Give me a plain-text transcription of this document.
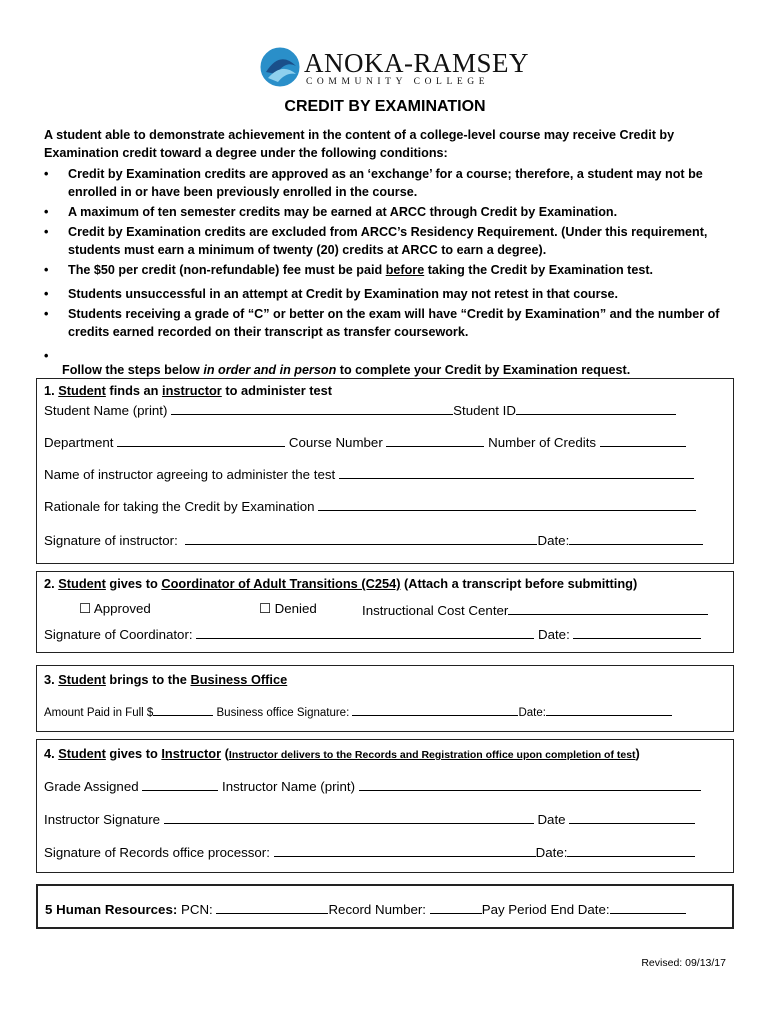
ANOKA-RAMSEY
COMMUNITY COLLEGE
CREDIT BY EXAMINATION
A student able to demonstrate achievement in the content of a college-level course may receive Credit by Examination credit toward a degree under the following conditions:
• Credit by Examination credits are approved as an ‘exchange’ for a course; therefore, a student may not be enrolled in or have been previously enrolled in the course.
• A maximum of ten semester credits may be earned at ARCC through Credit by Examination.
• Credit by Examination credits are excluded from ARCC’s Residency Requirement. (Under this requirement, students must earn a minimum of twenty (20) credits at ARCC to earn a degree).
• The $50 per credit (non-refundable) fee must be paid before taking the Credit by Examination test.
• Students unsuccessful in an attempt at Credit by Examination may not retest in that course.
• Students receiving a grade of “C” or better on the exam will have “Credit by Examination” and the number of credits earned recorded on their transcript as transfer coursework.
•
Follow the steps below in order and in person to complete your Credit by Examination request.
1. Student finds an instructor to administer test
Student Name (print)	Student ID
Department	Course Number	Number of Credits
Name of instructor agreeing to administer the test
Rationale for taking the Credit by Examination
Signature of instructor:	Date:
2. Student gives to Coordinator of Adult Transitions (C254) (Attach a transcript before submitting)
☐ Approved	☐ Denied	Instructional Cost Center
Signature of Coordinator:	Date:
3. Student brings to the Business Office
Amount Paid in Full $	Business office Signature:	Date:
4. Student gives to Instructor (Instructor delivers to the Records and Registration office upon completion of test)
Grade Assigned	Instructor Name (print)
Instructor Signature	Date
Signature of Records office processor:	Date:
5 Human Resources: PCN:	Record Number:	Pay Period End Date:
Revised: 09/13/17
